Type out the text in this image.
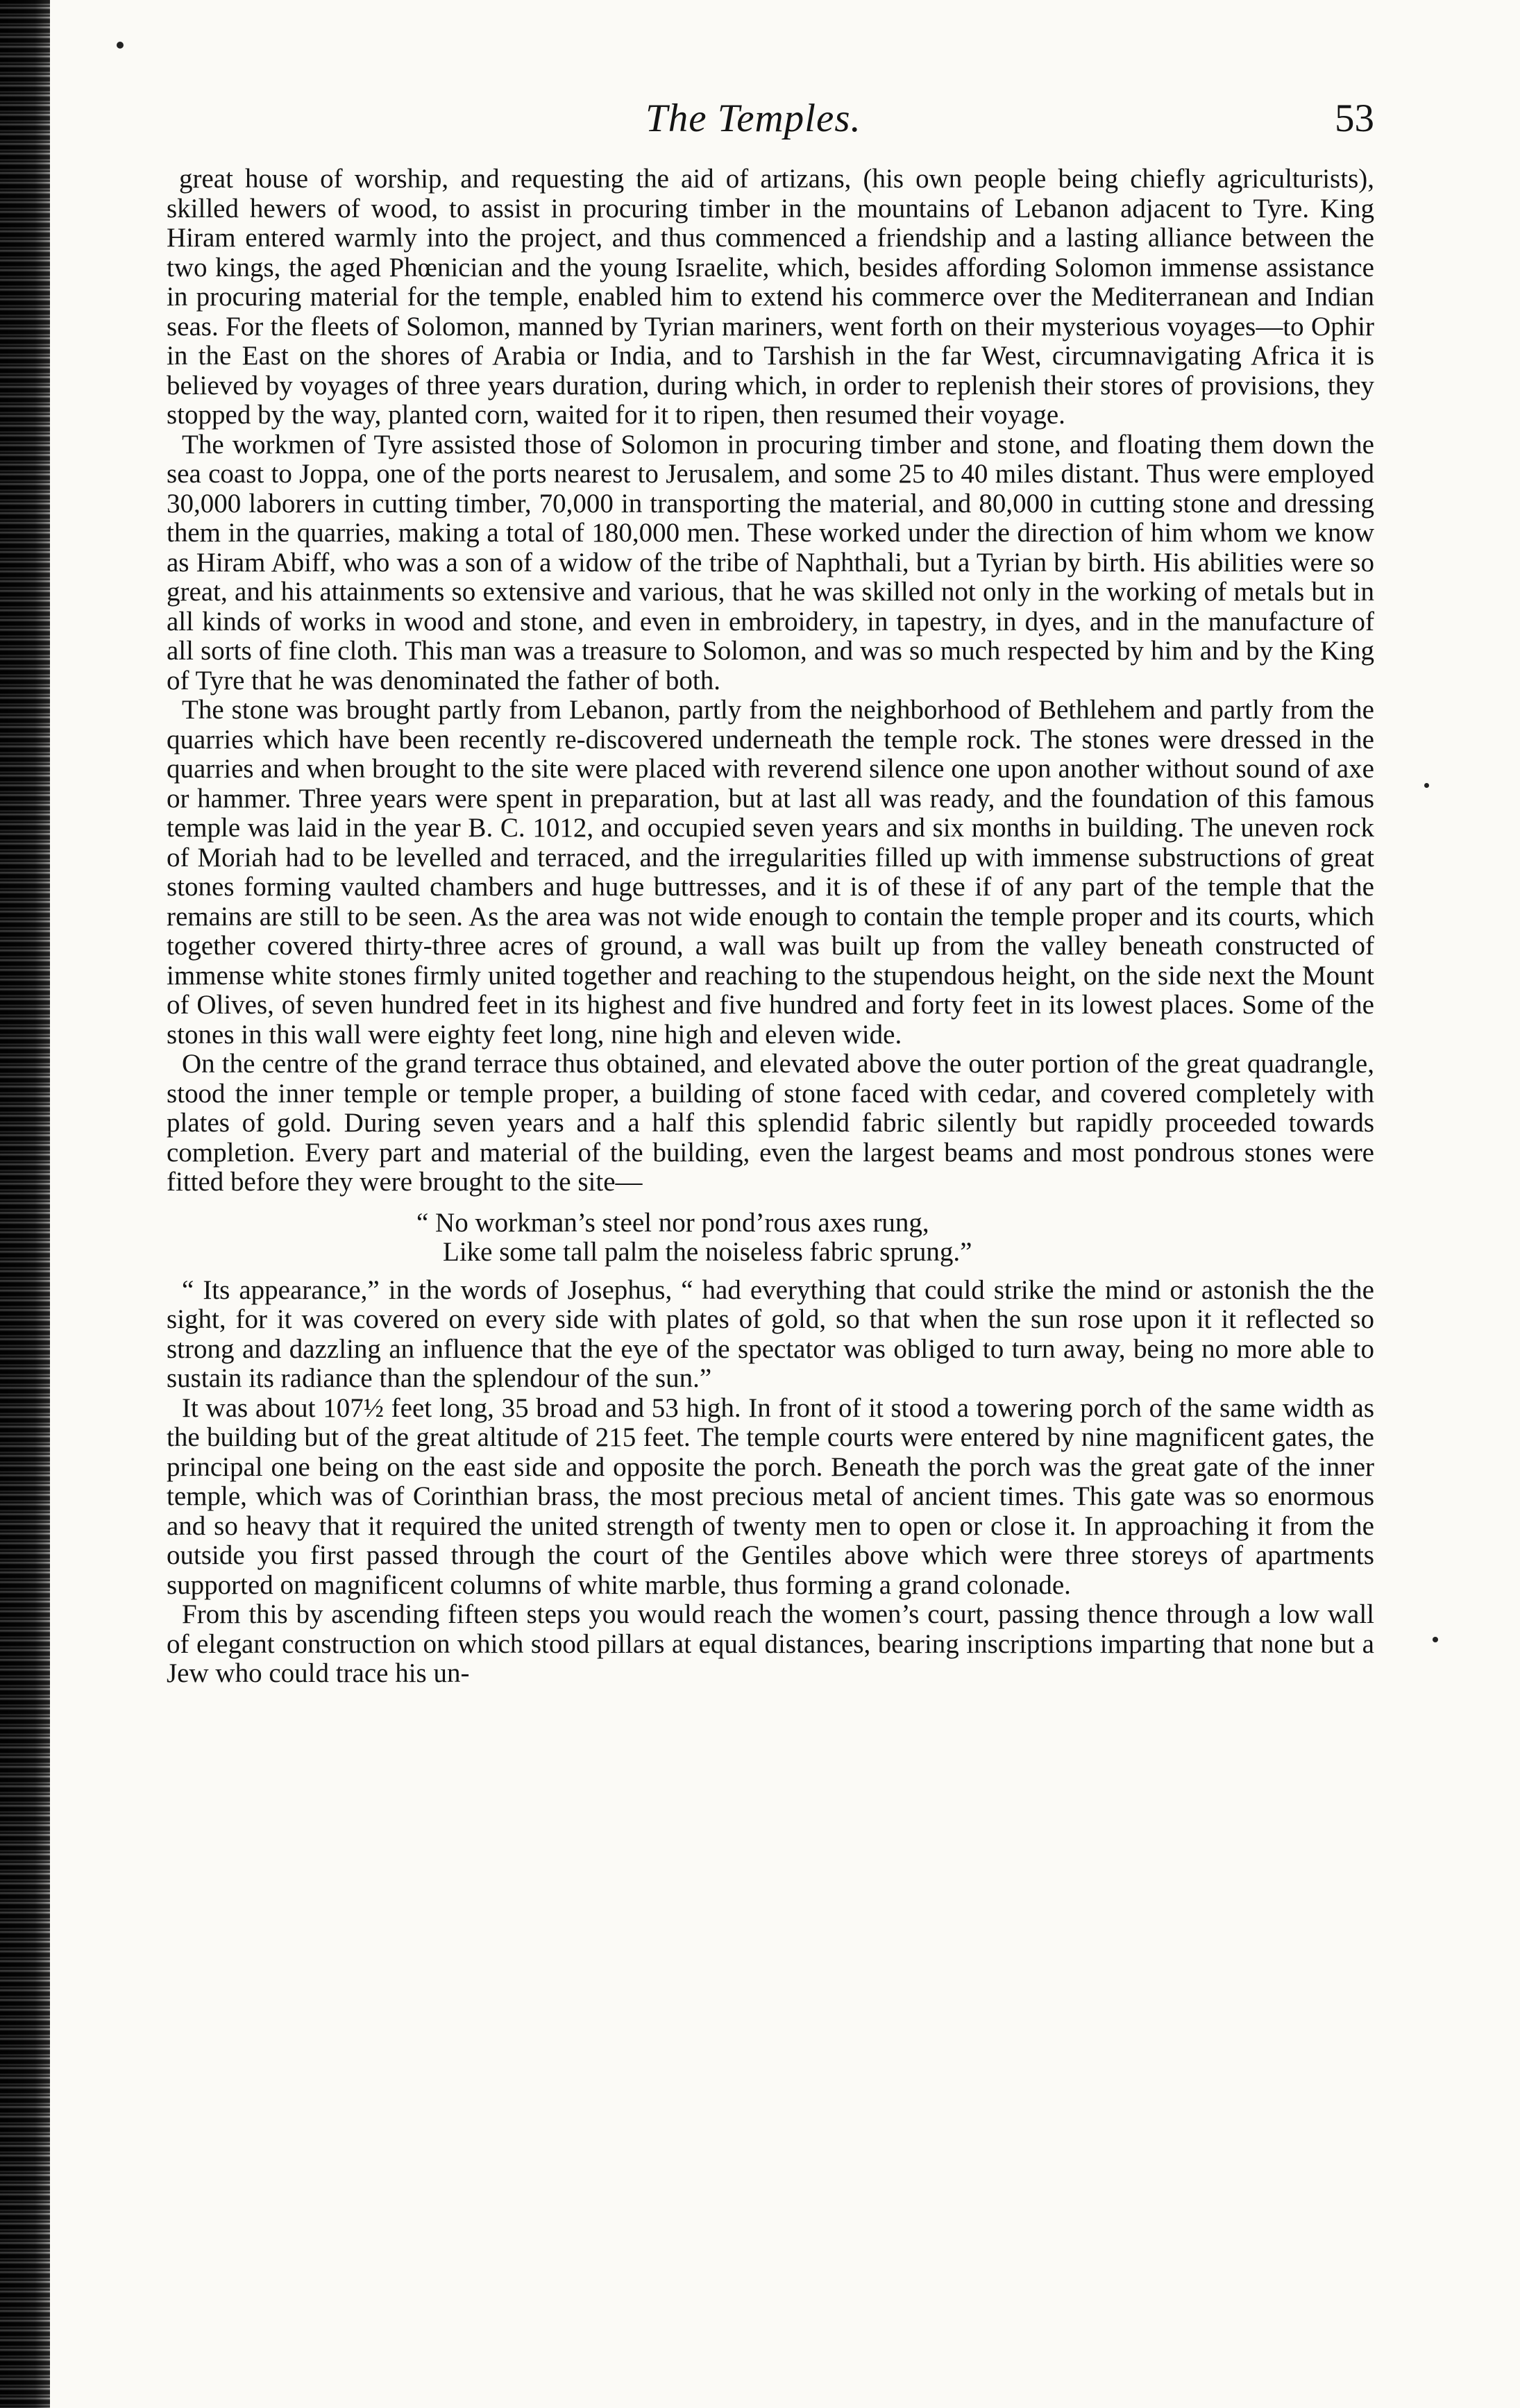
The Temples.	53

great house of worship, and requesting the aid of artizans, (his own people being chiefly agriculturists), skilled hewers of wood, to assist in procuring timber in the mountains of Lebanon adjacent to Tyre. King Hiram entered warmly into the project, and thus commenced a friendship and a lasting alliance between the two kings, the aged Phœnician and the young Israelite, which, besides affording Solomon immense assistance in procuring material for the temple, enabled him to extend his commerce over the Mediterranean and Indian seas. For the fleets of Solomon, manned by Tyrian mariners, went forth on their mysterious voyages—to Ophir in the East on the shores of Arabia or India, and to Tarshish in the far West, circumnavigating Africa it is believed by voyages of three years duration, during which, in order to replenish their stores of provisions, they stopped by the way, planted corn, waited for it to ripen, then resumed their voyage.

The workmen of Tyre assisted those of Solomon in procuring timber and stone, and floating them down the sea coast to Joppa, one of the ports nearest to Jerusalem, and some 25 to 40 miles distant. Thus were employed 30,000 laborers in cutting timber, 70,000 in transporting the material, and 80,000 in cutting stone and dressing them in the quarries, making a total of 180,000 men. These worked under the direction of him whom we know as Hiram Abiff, who was a son of a widow of the tribe of Naphthali, but a Tyrian by birth. His abilities were so great, and his attainments so extensive and various, that he was skilled not only in the working of metals but in all kinds of works in wood and stone, and even in embroidery, in tapestry, in dyes, and in the manufacture of all sorts of fine cloth. This man was a treasure to Solomon, and was so much respected by him and by the King of Tyre that he was denominated the father of both.

The stone was brought partly from Lebanon, partly from the neighborhood of Bethlehem and partly from the quarries which have been recently re-discovered underneath the temple rock. The stones were dressed in the quarries and when brought to the site were placed with reverend silence one upon another without sound of axe or hammer. Three years were spent in preparation, but at last all was ready, and the foundation of this famous temple was laid in the year B. C. 1012, and occupied seven years and six months in building. The uneven rock of Moriah had to be levelled and terraced, and the irregularities filled up with immense substructions of great stones forming vaulted chambers and huge buttresses, and it is of these if of any part of the temple that the remains are still to be seen. As the area was not wide enough to contain the temple proper and its courts, which together covered thirty-three acres of ground, a wall was built up from the valley beneath constructed of immense white stones firmly united together and reaching to the stupendous height, on the side next the Mount of Olives, of seven hundred feet in its highest and five hundred and forty feet in its lowest places. Some of the stones in this wall were eighty feet long, nine high and eleven wide.

On the centre of the grand terrace thus obtained, and elevated above the outer portion of the great quadrangle, stood the inner temple or temple proper, a building of stone faced with cedar, and covered completely with plates of gold. During seven years and a half this splendid fabric silently but rapidly proceeded towards completion. Every part and material of the building, even the largest beams and most pondrous stones were fitted before they were brought to the site—

“ No workman’s steel nor pond’rous axes rung,
Like some tall palm the noiseless fabric sprung.”

“ Its appearance,” in the words of Josephus, “ had everything that could strike the mind or astonish the the sight, for it was covered on every side with plates of gold, so that when the sun rose upon it it reflected so strong and dazzling an influence that the eye of the spectator was obliged to turn away, being no more able to sustain its radiance than the splendour of the sun.”

It was about 107½ feet long, 35 broad and 53 high. In front of it stood a towering porch of the same width as the building but of the great altitude of 215 feet. The temple courts were entered by nine magnificent gates, the principal one being on the east side and opposite the porch. Beneath the porch was the great gate of the inner temple, which was of Corinthian brass, the most precious metal of ancient times. This gate was so enormous and so heavy that it required the united strength of twenty men to open or close it. In approaching it from the outside you first passed through the court of the Gentiles above which were three storeys of apartments supported on magnificent columns of white marble, thus forming a grand colonade.

From this by ascending fifteen steps you would reach the women’s court, passing thence through a low wall of elegant construction on which stood pillars at equal distances, bearing inscriptions imparting that none but a Jew who could trace his un-
